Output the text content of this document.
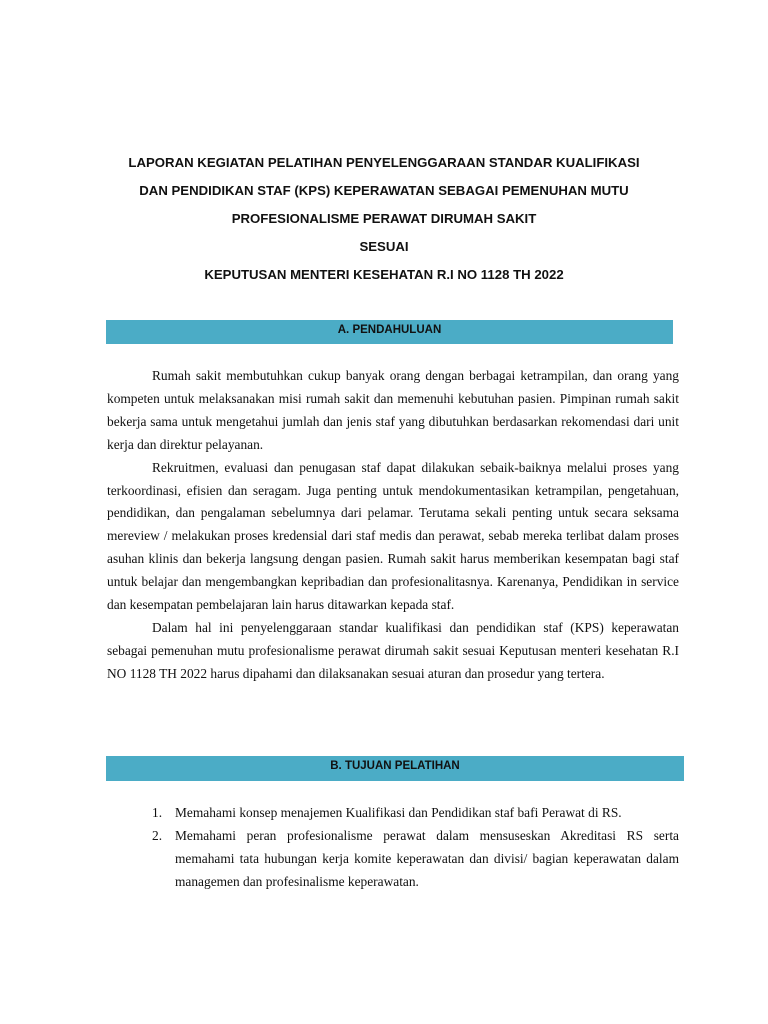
LAPORAN KEGIATAN PELATIHAN PENYELENGGARAAN STANDAR KUALIFIKASI
DAN PENDIDIKAN STAF (KPS) KEPERAWATAN SEBAGAI PEMENUHAN MUTU
PROFESIONALISME PERAWAT DIRUMAH SAKIT
SESUAI
KEPUTUSAN MENTERI KESEHATAN R.I NO 1128 TH 2022
A. PENDAHULUAN

Rumah sakit membutuhkan cukup banyak orang dengan berbagai ketrampilan, dan orang yang kompeten untuk melaksanakan misi rumah sakit dan memenuhi kebutuhan pasien. Pimpinan rumah sakit bekerja sama untuk mengetahui jumlah dan jenis staf yang dibutuhkan berdasarkan rekomendasi dari unit kerja dan direktur pelayanan.

Rekruitmen, evaluasi dan penugasan staf dapat dilakukan sebaik-baiknya melalui proses yang terkoordinasi, efisien dan seragam. Juga penting untuk mendokumentasikan ketrampilan, pengetahuan, pendidikan, dan pengalaman sebelumnya dari pelamar. Terutama sekali penting untuk secara seksama mereview / melakukan proses kredensial dari staf medis dan perawat, sebab mereka terlibat dalam proses asuhan klinis dan bekerja langsung dengan pasien. Rumah sakit harus memberikan kesempatan bagi staf untuk belajar dan mengembangkan kepribadian dan profesionalitasnya. Karenanya, Pendidikan in service dan kesempatan pembelajaran lain harus ditawarkan kepada staf.

Dalam hal ini penyelenggaraan standar kualifikasi dan pendidikan staf (KPS) keperawatan sebagai pemenuhan mutu profesionalisme perawat dirumah sakit sesuai Keputusan menteri kesehatan R.I NO 1128 TH 2022 harus dipahami dan dilaksanakan sesuai aturan dan prosedur yang tertera.

B. TUJUAN PELATIHAN
1. Memahami konsep menajemen Kualifikasi dan Pendidikan staf bafi Perawat di RS.
2. Memahami peran profesionalisme perawat dalam mensuseskan Akreditasi RS serta memahami tata hubungan kerja komite keperawatan dan divisi/ bagian keperawatan dalam managemen dan profesinalisme keperawatan.
